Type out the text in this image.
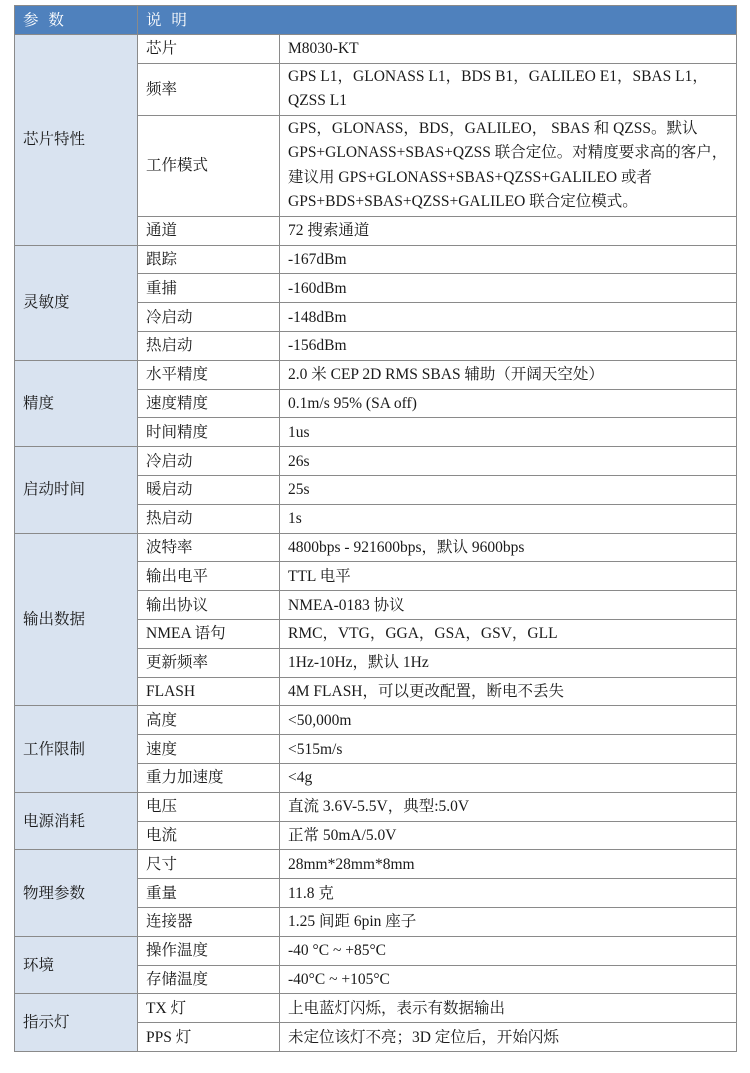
参 数	说 明	
芯片特性	芯片	M8030-KT
	频率	GPS L1，GLONASS L1，BDS B1，GALILEO E1，SBAS L1，QZSS L1
	工作模式	GPS，GLONASS，BDS，GALILEO， SBAS 和 QZSS。默认 GPS+GLONASS+SBAS+QZSS 联合定位。对精度要求高的客户，建议用 GPS+GLONASS+SBAS+QZSS+GALILEO 或者 GPS+BDS+SBAS+QZSS+GALILEO 联合定位模式。
	通道	72 搜索通道
灵敏度	跟踪	-167dBm
	重捕	-160dBm
	冷启动	-148dBm
	热启动	-156dBm
精度	水平精度	2.0 米 CEP 2D RMS SBAS 辅助（开阔天空处）
	速度精度	0.1m/s 95% (SA off)
	时间精度	1us
启动时间	冷启动	26s
	暖启动	25s
	热启动	1s
输出数据	波特率	4800bps - 921600bps，默认 9600bps
	输出电平	TTL 电平
	输出协议	NMEA-0183 协议
	NMEA 语句	RMC，VTG，GGA，GSA，GSV，GLL
	更新频率	1Hz-10Hz，默认 1Hz
	FLASH	4M FLASH，可以更改配置，断电不丢失
工作限制	高度	<50,000m
	速度	<515m/s
	重力加速度	<4g
电源消耗	电压	直流 3.6V-5.5V，典型:5.0V
	电流	正常 50mA/5.0V
物理参数	尺寸	28mm*28mm*8mm
	重量	11.8 克
	连接器	1.25 间距 6pin 座子
环境	操作温度	-40 °C ~ +85°C
	存储温度	-40°C ~ +105°C
指示灯	TX 灯	上电蓝灯闪烁，表示有数据输出
	PPS 灯	未定位该灯不亮；3D 定位后，开始闪烁
